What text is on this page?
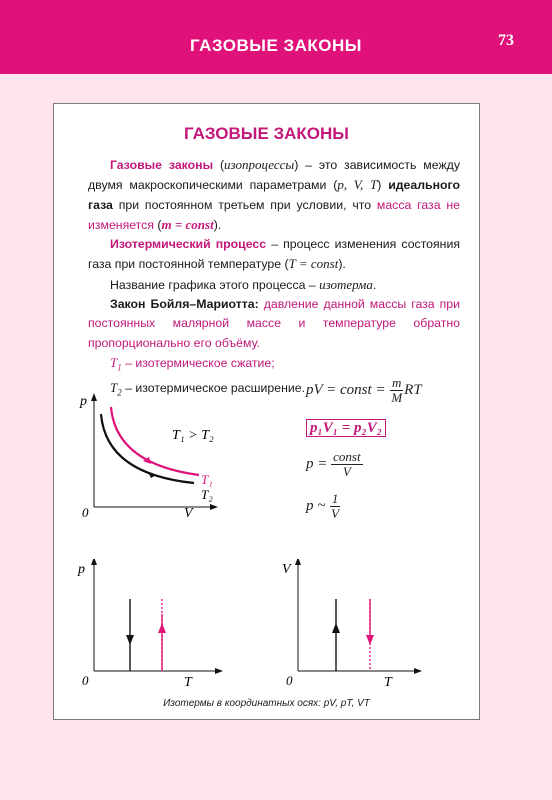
ГАЗОВЫЕ ЗАКОНЫ	73
ГАЗОВЫЕ ЗАКОНЫ

Газовые законы (изопроцессы) – это зависимость между двумя макроскопическими параметрами (p, V, T) идеального газа при постоянном третьем при условии, что масса газа не изменяется (m = const).

Изотермический процесс – процесс изменения состояния газа при постоянной температуре (T = const).

Название графика этого процесса – изотерма.

Закон Бойля–Мариотта: давление данной массы газа при постоянных малярной массе и температуре обратно пропорционально его объёму.

$T_1$ – изотермическое сжатие;

$T_2$ – изотермическое расширение.

p
V
0
T₁ > T₂
T₁
T₂
pV = const = $\frac{m}{M}$ RT
p₁V₁ = p₂V₂
$p = \frac{\text{const}}{V}$
p ~ $\frac{1}{V}$
p
T
0
V
T
0
Изотермы в координатных осях: pV, pT, VT
